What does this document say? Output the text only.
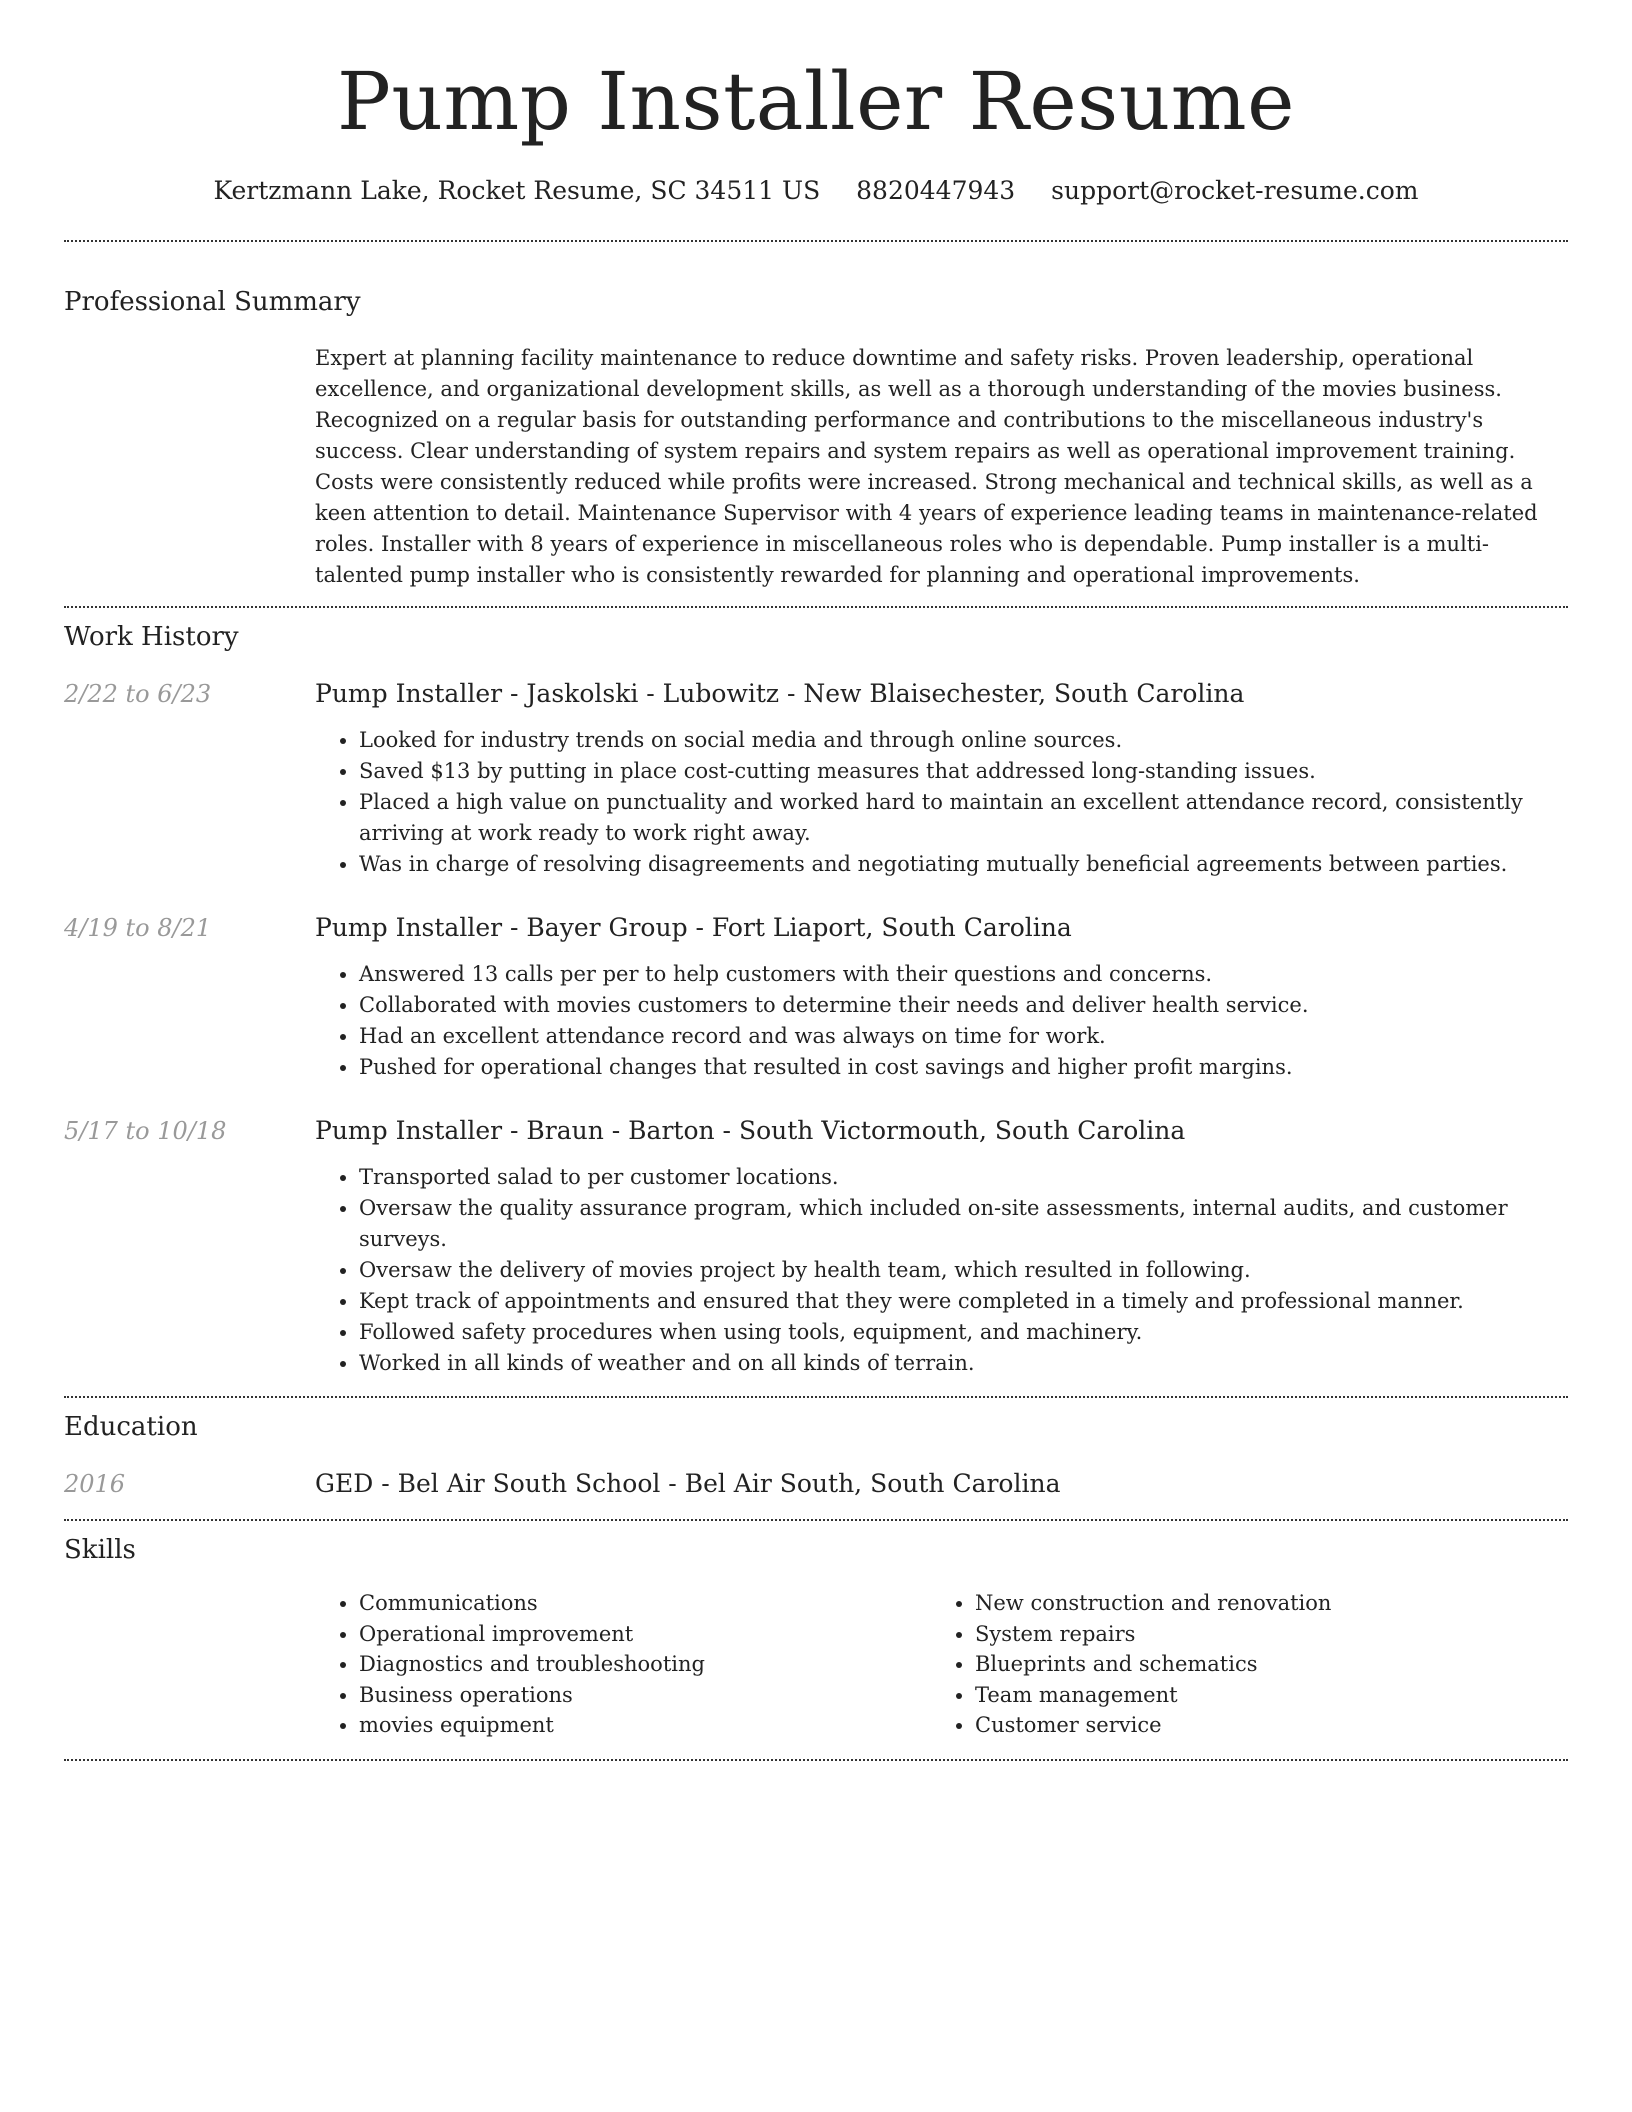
Pump Installer Resume
Kertzmann Lake, Rocket Resume, SC 34511 US 8820447943 support@rocket-resume.com
Professional Summary

Expert at planning facility maintenance to reduce downtime and safety risks. Proven leadership, operational excellence, and organizational development skills, as well as a thorough understanding of the movies business. Recognized on a regular basis for outstanding performance and contributions to the miscellaneous industry's success. Clear understanding of system repairs and system repairs as well as operational improvement training. Costs were consistently reduced while profits were increased. Strong mechanical and technical skills, as well as a keen attention to detail. Maintenance Supervisor with 4 years of experience leading teams in maintenance-related roles. Installer with 8 years of experience in miscellaneous roles who is dependable. Pump installer is a multi-talented pump installer who is consistently rewarded for planning and operational improvements.

Work History
2/22 to 6/23	Pump Installer - Jaskolski - Lubowitz - New Blaisechester, South Carolina
• Looked for industry trends on social media and through online sources.
• Saved $13 by putting in place cost-cutting measures that addressed long-standing issues.
• Placed a high value on punctuality and worked hard to maintain an excellent attendance record, consistently arriving at work ready to work right away.
• Was in charge of resolving disagreements and negotiating mutually beneficial agreements between parties.
4/19 to 8/21	Pump Installer - Bayer Group - Fort Liaport, South Carolina
• Answered 13 calls per per to help customers with their questions and concerns.
• Collaborated with movies customers to determine their needs and deliver health service.
• Had an excellent attendance record and was always on time for work.
• Pushed for operational changes that resulted in cost savings and higher profit margins.
5/17 to 10/18	Pump Installer - Braun - Barton - South Victormouth, South Carolina
• Transported salad to per customer locations.
• Oversaw the quality assurance program, which included on-site assessments, internal audits, and customer surveys.
• Oversaw the delivery of movies project by health team, which resulted in following.
• Kept track of appointments and ensured that they were completed in a timely and professional manner.
• Followed safety procedures when using tools, equipment, and machinery.
• Worked in all kinds of weather and on all kinds of terrain.
Education
2016	GED - Bel Air South School - Bel Air South, South Carolina
Skills
• Communications
• Operational improvement
• Diagnostics and troubleshooting
• Business operations
• movies equipment
• New construction and renovation
• System repairs
• Blueprints and schematics
• Team management
• Customer service
